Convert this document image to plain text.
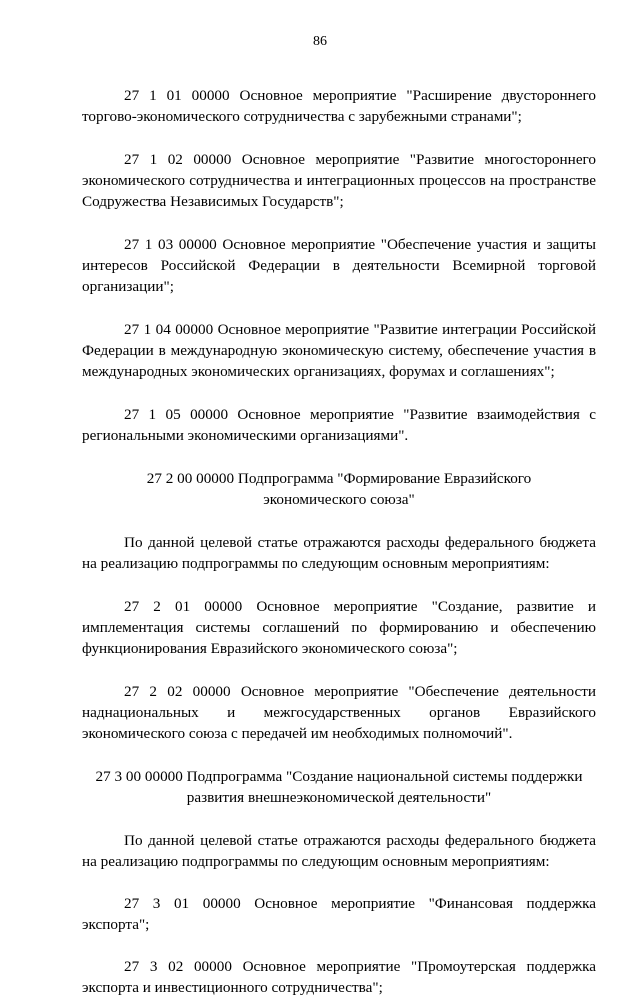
86

27 1 01 00000 Основное мероприятие "Расширение двустороннего торгово-экономического сотрудничества с зарубежными странами";

27 1 02 00000 Основное мероприятие "Развитие многостороннего экономического сотрудничества и интеграционных процессов на пространстве Содружества Независимых Государств";

27 1 03 00000 Основное мероприятие "Обеспечение участия и защиты интересов Российской Федерации в деятельности Всемирной торговой организации";

27 1 04 00000 Основное мероприятие "Развитие интеграции Российской Федерации в международную экономическую систему, обеспечение участия в международных экономических организациях, форумах и соглашениях";

27 1 05 00000 Основное мероприятие "Развитие взаимодействия с региональными экономическими организациями".

27 2 00 00000 Подпрограмма "Формирование Евразийского экономического союза"

По данной целевой статье отражаются расходы федерального бюджета на реализацию подпрограммы по следующим основным мероприятиям:

27 2 01 00000 Основное мероприятие "Создание, развитие и имплементация системы соглашений по формированию и обеспечению функционирования Евразийского экономического союза";

27 2 02 00000 Основное мероприятие "Обеспечение деятельности наднациональных и межгосударственных органов Евразийского экономического союза с передачей им необходимых полномочий".

27 3 00 00000 Подпрограмма "Создание национальной системы поддержки развития внешнеэкономической деятельности"

По данной целевой статье отражаются расходы федерального бюджета на реализацию подпрограммы по следующим основным мероприятиям:

27 3 01 00000 Основное мероприятие "Финансовая поддержка экспорта";

27 3 02 00000 Основное мероприятие "Промоутерская поддержка экспорта и инвестиционного сотрудничества";
